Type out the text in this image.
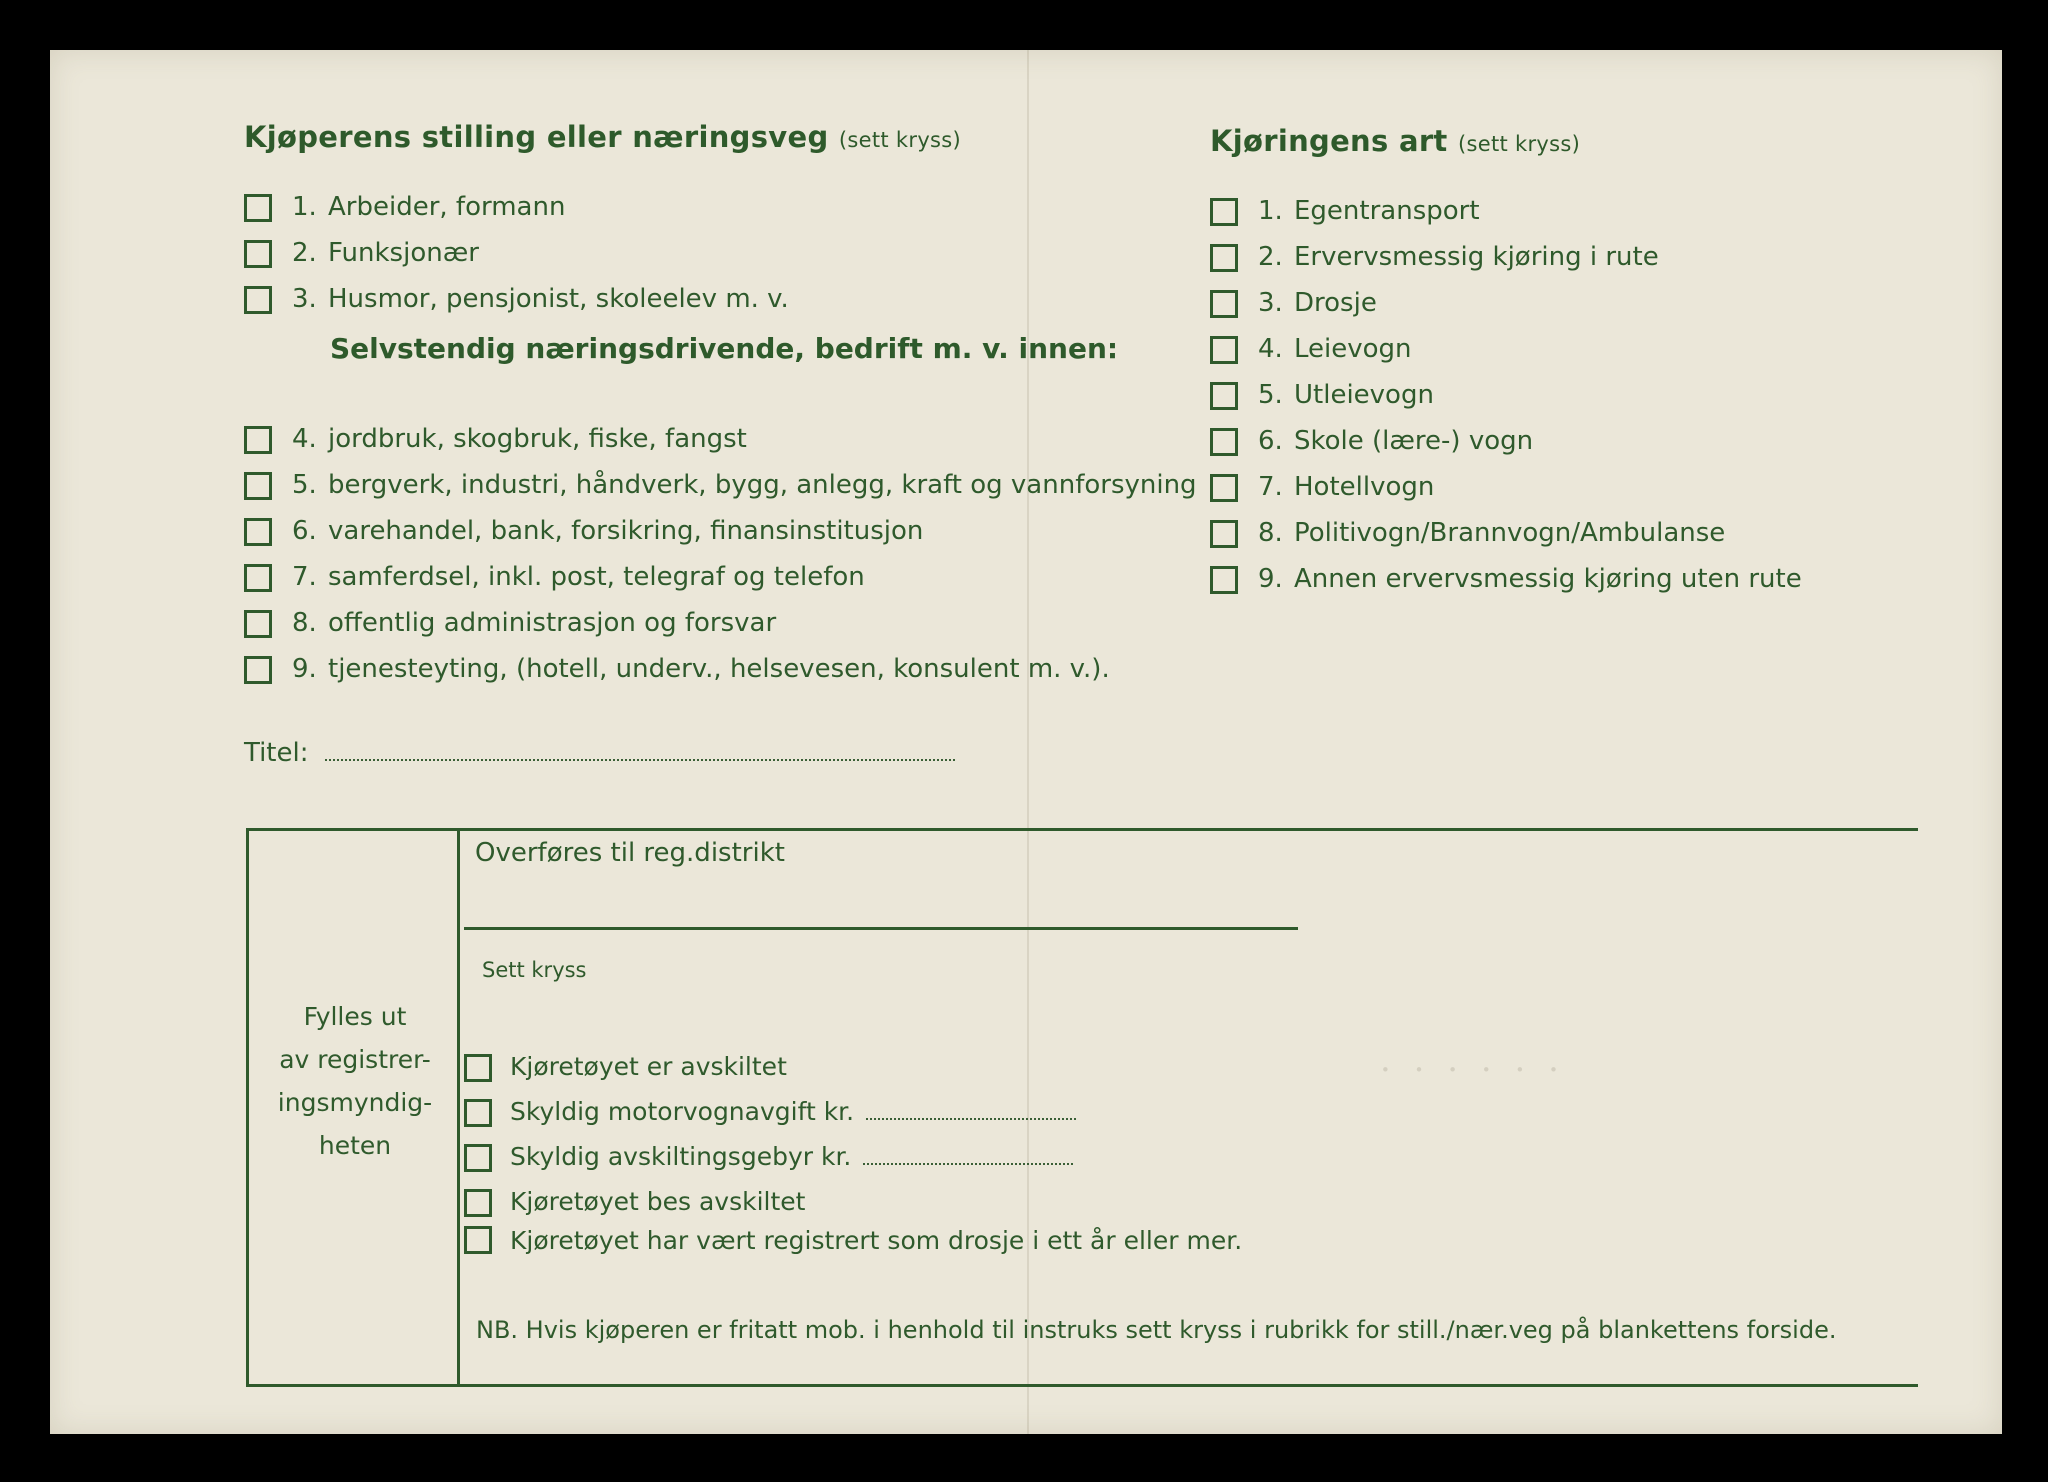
· · · · · ·
Kjøperens stilling eller næringsveg (sett kryss)
1. Arbeider, formann
2. Funksjonær
3. Husmor, pensjonist, skoleelev m. v.
Selvstendig næringsdrivende, bedrift m. v. innen:
4. jordbruk, skogbruk, fiske, fangst
5. bergverk, industri, håndverk, bygg, anlegg, kraft og vannforsyning
6. varehandel, bank, forsikring, finansinstitusjon
7. samferdsel, inkl. post, telegraf og telefon
8. offentlig administrasjon og forsvar
9. tjenesteyting, (hotell, underv., helsevesen, konsulent m. v.).
Titel:
Kjøringens art (sett kryss)
1. Egentransport
2. Ervervsmessig kjøring i rute
3. Drosje
4. Leievogn
5. Utleievogn
6. Skole (lære-) vogn
7. Hotellvogn
8. Politivogn/Brannvogn/Ambulanse
9. Annen ervervsmessig kjøring uten rute
Fylles ut
av registrer-
ingsmyndig-
heten
Overføres til reg.distrikt
Sett kryss
Kjøretøyet er avskiltet
Skyldig motorvognavgift kr.
Skyldig avskiltingsgebyr kr.
Kjøretøyet bes avskiltet
Kjøretøyet har vært registrert som drosje i ett år eller mer.
NB. Hvis kjøperen er fritatt mob. i henhold til instruks sett kryss i rubrikk for still./nær.veg på blankettens forside.
